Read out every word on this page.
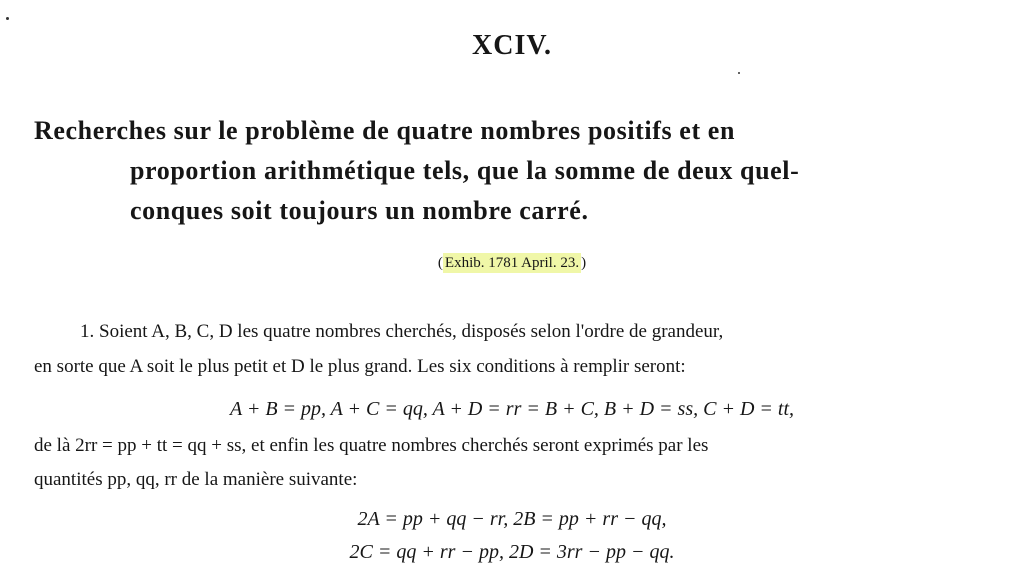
XCIV.
Recherches sur le problème de quatre nombres positifs et en
proportion arithmétique tels, que la somme de deux quel-
conques soit toujours un nombre carré.
( Exhib. 1781 April. 23. )
1. Soient A, B, C, D les quatre nombres cherchés, disposés selon l'ordre de grandeur,
en sorte que A soit le plus petit et D le plus grand. Les six conditions à remplir seront:
A + B = pp, A + C = qq, A + D = rr = B + C, B + D = ss, C + D = tt,
de là 2rr = pp + tt = qq + ss, et enfin les quatre nombres cherchés seront exprimés par les
quantités pp, qq, rr de la manière suivante:
2A = pp + qq − rr, 2B = pp + rr − qq,
2C = qq + rr − pp, 2D = 3rr − pp − qq.
